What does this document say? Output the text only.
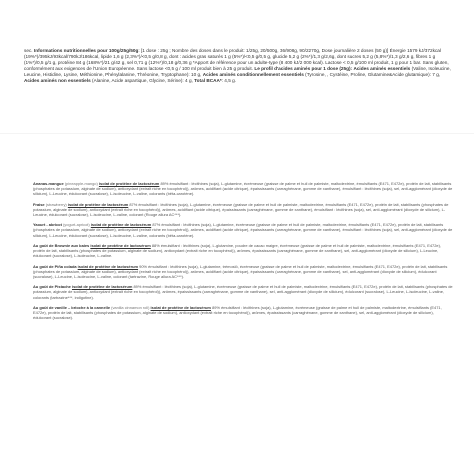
sec. Informations nutritionnelles pour 100g/25g/50g: [1 dose : 25g ; Nombre des doses dans le produit: 1/25g, 20/500g, 36/908g, 90/2270g, Dose journalière 2 doses (50 g)] Énergie 1579 kJ/372kcal (19%*)/395kJ/93kcal/790kJ/186kcal, lipide 1,6 g (2,3%*)/<0,5 g/0,8 g, dont : acides gras saturés 1 g (5%*)/<0,5 g/0,5 g, glucide 5,2 g (2%*)/1,3 g/2,6g, dont sucres 5,2 g (5,8%*)/1,3 g/2,6 g, fibres 1 g (1%*)/0,5 g/1 g, protéine 84 g (168%*)/21 g/42 g, sel 0,71 g (12%*)/0,18 g/0,36 g *Apport de référence pour un adulte-type (8 400 kJ/2 000 kcal). Lactose < 0,5 g/100 ml produit, 1 g pour 1 bar. Sans gluten, conformément aux exigences de l'Union Européenne. Sans lactose <0,5 g / 100 ml produit bien à 25 g produit. Le profil d'acides aminés pour 1 dose (25g): Acides aminés essentiels (Valine, Isoleucine, Leucine, Histidine, Lysine, Méthionine, Phénylalanine, Thréonine, Tryptophane): 10 g, Acides aminés conditionnellement essentiels (Tyrosine, , Cystéine, Proline, Glutamine&Acide glutamique): 7 g, Acides aminés non essentiels (Alanine, Acide aspartique, Glycine, Sérine): 4 g, Total BCAA*: 4,5 g.

Ananas-mangue (pineapple-mango) isolat de protéine de lactosérum 89% émulsifiant : lécithines (soja), L-glutamine, écrémeuse (graisse de palme et huil de palmiste, maltodextrine, émulsifiants (E471, E472e), protéin de lait, stabilisants (phosphates de potassium, alginate de sodium), antioxydant (extrait riche en tocophérol)), arômes, acidifiant (acide citrique), épaississants (carraghénane, gomme de xanthane), émulsifiant : lécithines (soja), sel, anti-agglomérant (dioxyde de silicium), L-Leucine, édulcorant (sucralose), L-isoleucine, L-valine, colorants (bêta-carotène).

Fraise (strawberry) isolat de protéine de lactosérum 87% émulsifiant : lécithines (soja), L-glutamine, écrémeuse (graisse de palme et huil de palmiste, maltodextrine, émulsifiants (E471, E472e), protéin de lait, stabilisants (phosphates de potassium, alginate de sodium), antioxydant (extrait riche en tocophérol)), arômes, acidifiant (acide citrique), épaississants (carraghénane, gomme de xanthane), émulsifiant : lécithines (soja), sel, anti-agglomérant (dioxyde de silicium), L-Leucine, édulcorant (sucralose), L-isoleucine, L-valine, colorant (Rouge allura AC***).

Yaourt - abricot (yogurt-apricot) isolat de protéine de lactosérum 87% émulsifiant : lécithines (soja), L-glutamine, écrémeuse (graisse de palme et huil de palmiste, maltodextrine, émulsifiants (E471, E472e), protéin de lait, stabilisants (phosphates de potassium, alginate de sodium), antioxydant (extrait riche en tocophérol)), arômes, acidifiant (acide citrique), épaississants (carraghénane, gomme de xanthane), émulsifiant : lécithines (soja), sel, anti-agglomérant (dioxyde de silicium), L-Leucine, édulcorant (sucralose), L-isoleucine, L-valine, colorants (bêta-carotène).

Au goût de Brownie aux baies isolat de protéine de lactosérum 88% émulsifiant : lécithines (soja), L-glutamine, poudre de cacao maigre, écrémeuse (graisse de palme et huil de palmiste, maltodextrine, émulsifiants (E471, E472e), protéin de lait, stabilisants (phosphates de potassium, alginate de sodium), antioxydant (extrait riche en tocophérol)), arômes, épaississants (carraghénane, gomme de xanthane), sel, anti-agglomérant (dioxyde de silicium), L-Leucine, édulcorant (sucralose), L-isoleucine, L-valine.

Au goût de Piña colada isolat de protéine de lactosérum 90% émulsifiant : lécithines (soja), L-glutamine, trémoslô, écrémeuse (graisse de palme et huil de palmiste, maltodextrine, émulsifiants (E471, E472e), protéin de lait, stabilisants (phosphates de potassium, alginate de sodium), antioxydant (extrait riche en tocophérol)), arômes, acidifiant (acide citrique), épaississants (carraghénane, gomme de xanthane), sel, anti-agglomérant (dioxyde de silicium), édulcorant (sucralose), L-Leucine, L-isoleucine, L-valine, colorant (tartrazine, Rouge allura AC***).

Au goût de Pistache isolat de protéine de lactosérum 89% émulsifiant : lécithines (soja), L-glutamine, écrémeuse (graisse de palme et huil de palmiste, maltodextrine, émulsifiants (E471, E472e), protéin de lait, stabilisants (phosphates de potassium, alginate de sodium), antioxydant (extrait riche en tocophérol)), arômes, épaississants (carraghénane, gomme de xanthane), sel, anti-agglomérant (dioxyde de silicium), édulcorant (sucralose), L-Leucine, L-isoleucine, L-valine, colorants (tartrazine***, indigotine).

Au goût de vanille – brioche à la cannelle (vanilla cinnamon roll) isolat de protéine de lactosérum 89% émulsifiant : lécithines (soja), L-glutamine, écrémeuse (graisse de palme et huil de palmiste, maltodextrine, émulsifiants (E471, E472e), protéin de lait, stabilisants (phosphates de potassium, alginate de sodium), antioxydant (extrait riche en tocophérol)), arômes, épaississants (carraghénane, gomme de xanthane), sel, anti-agglomérant (dioxyde de silicium), édulcorant (sucralose).
